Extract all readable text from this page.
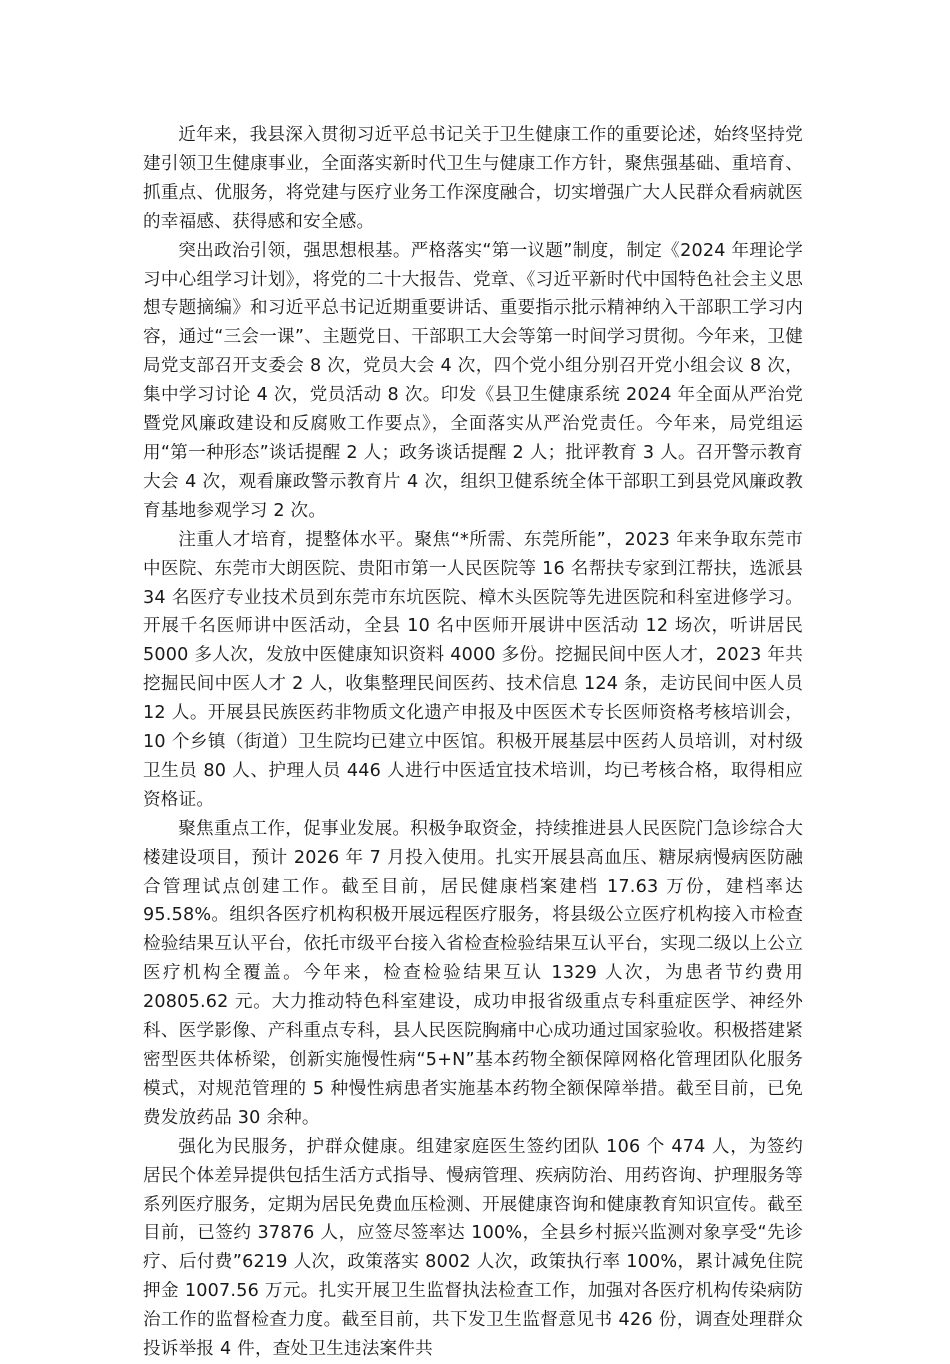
近年来，我县深入贯彻习近平总书记关于卫生健康工作的重要论述，始终坚持党建引领卫生健康事业，全面落实新时代卫生与健康工作方针，聚焦强基础、重培育、抓重点、优服务，将党建与医疗业务工作深度融合，切实增强广大人民群众看病就医的幸福感、获得感和安全感。

突出政治引领，强思想根基。严格落实“第一议题”制度，制定《2024 年理论学习中心组学习计划》，将党的二十大报告、党章、《习近平新时代中国特色社会主义思想专题摘编》和习近平总书记近期重要讲话、重要指示批示精神纳入干部职工学习内容，通过“三会一课”、主题党日、干部职工大会等第一时间学习贯彻。今年来，卫健局党支部召开支委会 8 次，党员大会 4 次，四个党小组分别召开党小组会议 8 次，集中学习讨论 4 次，党员活动 8 次。印发《县卫生健康系统 2024 年全面从严治党暨党风廉政建设和反腐败工作要点》，全面落实从严治党责任。今年来，局党组运用“第一种形态”谈话提醒 2 人；政务谈话提醒 2 人；批评教育 3 人。召开警示教育大会 4 次，观看廉政警示教育片 4 次，组织卫健系统全体干部职工到县党风廉政教育基地参观学习 2 次。

注重人才培育，提整体水平。聚焦“*所需、东莞所能”，2023 年来争取东莞市中医院、东莞市大朗医院、贵阳市第一人民医院等 16 名帮扶专家到江帮扶，选派县 34 名医疗专业技术员到东莞市东坑医院、樟木头医院等先进医院和科室进修学习。开展千名医师讲中医活动，全县 10 名中医师开展讲中医活动 12 场次，听讲居民 5000 多人次，发放中医健康知识资料 4000 多份。挖掘民间中医人才，2023 年共挖掘民间中医人才 2 人，收集整理民间医药、技术信息 124 条，走访民间中医人员 12 人。开展县民族医药非物质文化遗产申报及中医医术专长医师资格考核培训会，10 个乡镇（街道）卫生院均已建立中医馆。积极开展基层中医药人员培训，对村级卫生员 80 人、护理人员 446 人进行中医适宜技术培训，均已考核合格，取得相应资格证。

聚焦重点工作，促事业发展。积极争取资金，持续推进县人民医院门急诊综合大楼建设项目，预计 2026 年 7 月投入使用。扎实开展县高血压、糖尿病慢病医防融合管理试点创建工作。截至目前，居民健康档案建档 17.63 万份，建档率达 95.58%。组织各医疗机构积极开展远程医疗服务，将县级公立医疗机构接入市检查检验结果互认平台，依托市级平台接入省检查检验结果互认平台，实现二级以上公立医疗机构全覆盖。今年来，检查检验结果互认 1329 人次，为患者节约费用 20805.62 元。大力推动特色科室建设，成功申报省级重点专科重症医学、神经外科、医学影像、产科重点专科，县人民医院胸痛中心成功通过国家验收。积极搭建紧密型医共体桥梁，创新实施慢性病“5+N”基本药物全额保障网格化管理团队化服务模式，对规范管理的 5 种慢性病患者实施基本药物全额保障举措。截至目前，已免费发放药品 30 余种。

强化为民服务，护群众健康。组建家庭医生签约团队 106 个 474 人，为签约居民个体差异提供包括生活方式指导、慢病管理、疾病防治、用药咨询、护理服务等系列医疗服务，定期为居民免费血压检测、开展健康咨询和健康教育知识宣传。截至目前，已签约 37876 人，应签尽签率达 100%，全县乡村振兴监测对象享受“先诊疗、后付费”6219 人次，政策落实 8002 人次，政策执行率 100%，累计减免住院押金 1007.56 万元。扎实开展卫生监督执法检查工作，加强对各医疗机构传染病防治工作的监督检查力度。截至目前，共下发卫生监督意见书 426 份，调查处理群众投诉举报 4 件，查处卫生违法案件共
